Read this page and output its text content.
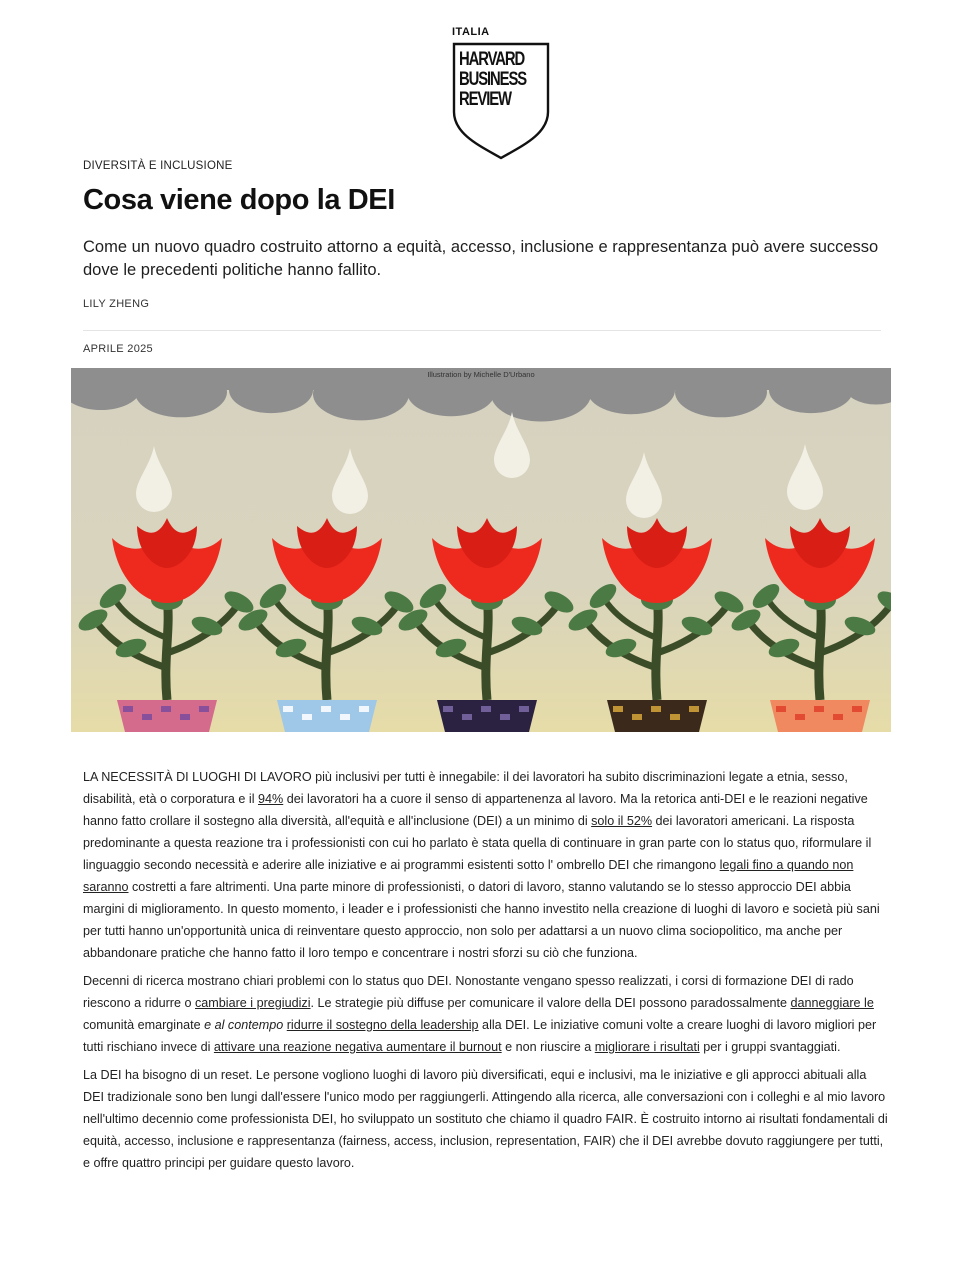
ITALIA
HARVARD
BUSINESS
REVIEW
DIVERSITÀ E INCLUSIONE
Cosa viene dopo la DEI

Come un nuovo quadro costruito attorno a equità, accesso, inclusione e rappresentanza può avere successo dove le precedenti politiche hanno fallito.

LILY ZHENG
APRILE 2025
Illustration by Michelle D'Urbano

LA NECESSITÀ DI LUOGHI DI LAVORO più inclusivi per tutti è innegabile: il dei lavoratori ha subito discriminazioni legate a etnia, sesso, disabilità, età o corporatura e il 94% dei lavoratori ha a cuore il senso di appartenenza al lavoro. Ma la retorica anti-DEI e le reazioni negative hanno fatto crollare il sostegno alla diversità, all'equità e all'inclusione (DEI) a un minimo di solo il 52% dei lavoratori americani. La risposta predominante a questa reazione tra i professionisti con cui ho parlato è stata quella di continuare in gran parte con lo status quo, riformulare il linguaggio secondo necessità e aderire alle iniziative e ai programmi esistenti sotto l' ombrello DEI che rimangono legali fino a quando non saranno costretti a fare altrimenti. Una parte minore di professionisti, o datori di lavoro, stanno valutando se lo stesso approccio DEI abbia margini di miglioramento. In questo momento, i leader e i professionisti che hanno investito nella creazione di luoghi di lavoro e società più sani per tutti hanno un'opportunità unica di reinventare questo approccio, non solo per adattarsi a un nuovo clima sociopolitico, ma anche per abbandonare pratiche che hanno fatto il loro tempo e concentrare i nostri sforzi su ciò che funziona.

Decenni di ricerca mostrano chiari problemi con lo status quo DEI. Nonostante vengano spesso realizzati, i corsi di formazione DEI di rado riescono a ridurre o cambiare i pregiudizi. Le strategie più diffuse per comunicare il valore della DEI possono paradossalmente danneggiare le comunità emarginate e al contempo ridurre il sostegno della leadership alla DEI. Le iniziative comuni volte a creare luoghi di lavoro migliori per tutti rischiano invece di attivare una reazione negativa aumentare il burnout e non riuscire a migliorare i risultati per i gruppi svantaggiati.

La DEI ha bisogno di un reset. Le persone vogliono luoghi di lavoro più diversificati, equi e inclusivi, ma le iniziative e gli approcci abituali alla DEI tradizionale sono ben lungi dall'essere l'unico modo per raggiungerli. Attingendo alla ricerca, alle conversazioni con i colleghi e al mio lavoro nell'ultimo decennio come professionista DEI, ho sviluppato un sostituto che chiamo il quadro FAIR. È costruito intorno ai risultati fondamentali di equità, accesso, inclusione e rappresentanza (fairness, access, inclusion, representation, FAIR) che il DEI avrebbe dovuto raggiungere per tutti, e offre quattro principi per guidare questo lavoro.
